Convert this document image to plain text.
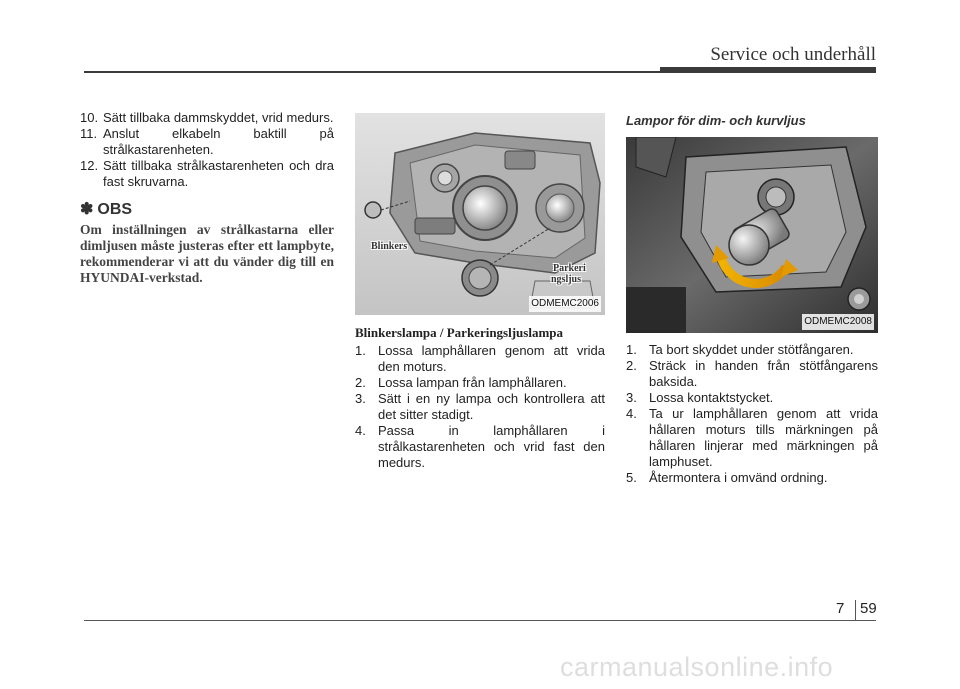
Service och underhåll
10. Sätt tillbaka dammskyddet, vrid medurs.
11. Anslut elkabeln baktill på strålkastarenheten.
12. Sätt tillbaka strålkastarenheten och dra fast skruvarna.
✽ OBS
Om inställningen av strålkastarna eller dimljusen måste justeras efter ett lampbyte, rekommenderar vi att du vänder dig till en HYUNDAI-verkstad.
Blinkers
Parkeri
ngsljus
ODMEMC2006
Blinkerslampa / Parkeringsljuslampa
1. Lossa lamphållaren genom att vrida den moturs.
2. Lossa lampan från lamphållaren.
3. Sätt i en ny lampa och kontrollera att det sitter stadigt.
4. Passa in lamphållaren i strålkastarenheten och vrid fast den medurs.
Lampor för dim- och kurvljus
ODMEMC2008
1. Ta bort skyddet under stötfångaren.
2. Sträck in handen från stötfångarens baksida.
3. Lossa kontaktstycket.
4. Ta ur lamphållaren genom att vrida hållaren moturs tills märkningen på hållaren linjerar med märkningen på lamphuset.
5. Återmontera i omvänd ordning.
7 59
carmanualsonline.info
